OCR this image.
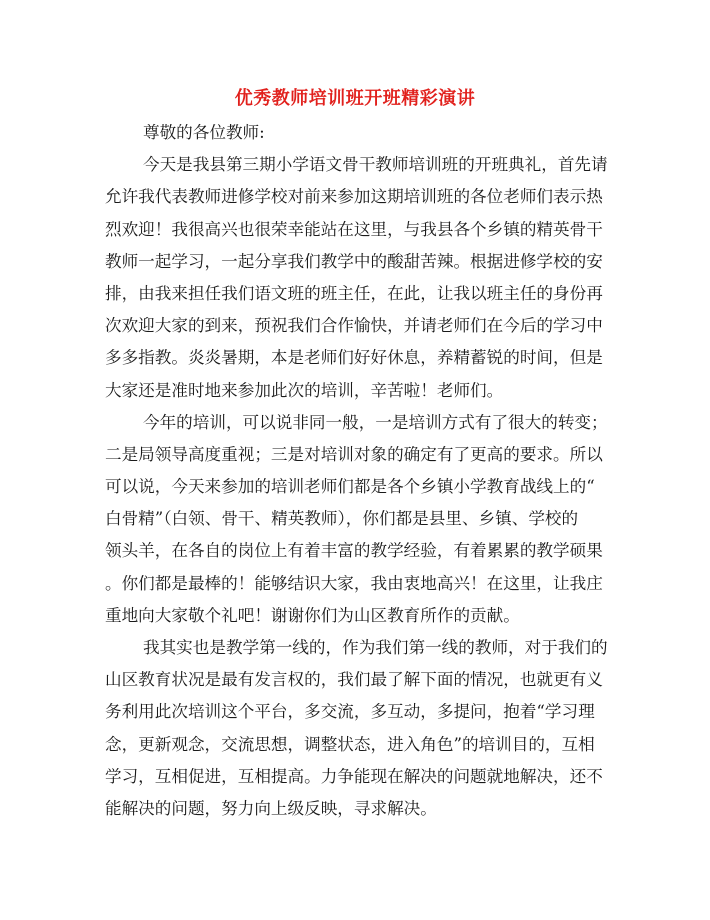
优秀教师培训班开班精彩演讲
尊敬的各位教师:
今天是我县第三期小学语文骨干教师培训班的开班典礼，首先请
允许我代表教师进修学校对前来参加这期培训班的各位老师们表示热
烈欢迎！我很高兴也很荣幸能站在这里，与我县各个乡镇的精英骨干
教师一起学习，一起分享我们教学中的酸甜苦辣。根据进修学校的安
排，由我来担任我们语文班的班主任，在此，让我以班主任的身份再
次欢迎大家的到来，预祝我们合作愉快，并请老师们在今后的学习中
多多指教。炎炎暑期，本是老师们好好休息，养精蓄锐的时间，但是
大家还是准时地来参加此次的培训，辛苦啦！老师们。
今年的培训，可以说非同一般，一是培训方式有了很大的转变；
二是局领导高度重视；三是对培训对象的确定有了更高的要求。所以
可以说，今天来参加的培训老师们都是各个乡镇小学教育战线上的“
白骨精”（白领、骨干、精英教师），你们都是县里、乡镇、学校的
领头羊，在各自的岗位上有着丰富的教学经验，有着累累的教学硕果
。你们都是最棒的！能够结识大家，我由衷地高兴！在这里，让我庄
重地向大家敬个礼吧！谢谢你们为山区教育所作的贡献。
我其实也是教学第一线的，作为我们第一线的教师，对于我们的
山区教育状况是最有发言权的，我们最了解下面的情况，也就更有义
务利用此次培训这个平台，多交流，多互动，多提问，抱着“学习理
念，更新观念，交流思想，调整状态，进入角色”的培训目的，互相
学习，互相促进，互相提高。力争能现在解决的问题就地解决，还不
能解决的问题，努力向上级反映，寻求解决。
